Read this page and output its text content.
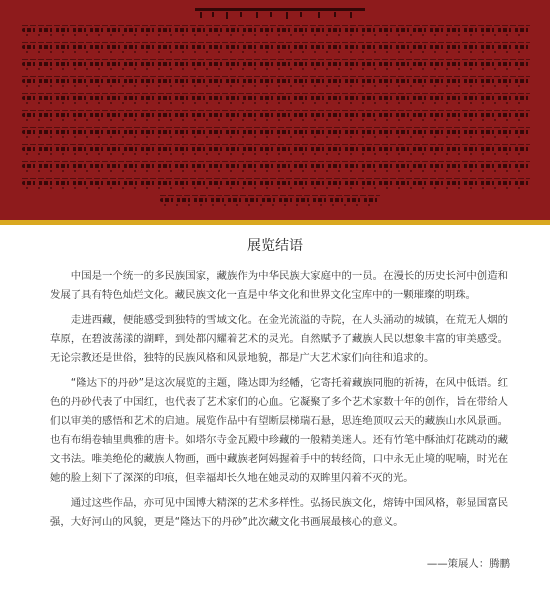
展览结语

中国是一个统一的多民族国家，藏族作为中华民族大家庭中的一员。在漫长的历史长河中创造和发展了具有特色灿烂文化。藏民族文化一直是中华文化和世界文化宝库中的一颗璀璨的明珠。

走进西藏，便能感受到独特的雪域文化。在金光流溢的寺院，在人头涌动的城镇，在荒无人烟的草原，在碧波荡漾的湖畔，到处都闪耀着艺术的灵光。自然赋予了藏族人民以想象丰富的审美感受。无论宗教还是世俗，独特的民族风格和风景地貌，都是广大艺术家们向往和追求的。

“隆达下的丹砂”是这次展览的主题，隆达即为经幡，它寄托着藏族同胞的祈祷，在风中低语。红色的丹砂代表了中国红，也代表了艺术家们的心血。它凝聚了多个艺术家数十年的创作，旨在带给人们以审美的感悟和艺术的启迪。展览作品中有望断层梯瑞石悬，思连绝顶叹云天的藏族山水风景画。也有布绢卷轴里典雅的唐卡。如塔尔寺金瓦殿中珍藏的一般精美迷人。还有竹笔中酥油灯花跳动的藏文书法。唯美绝伦的藏族人物画，画中藏族老阿妈握着手中的转经筒，口中永无止境的呢喃，时光在她的脸上刻下了深深的印痕，但幸福却长久地在她灵动的双眸里闪着不灭的光。

通过这些作品，亦可见中国博大精深的艺术多样性。弘扬民族文化，熔铸中国风格，彰显国富民强，大好河山的风貌，更是“隆达下的丹砂”此次藏文化书画展最核心的意义。

——策展人：腾鹏
